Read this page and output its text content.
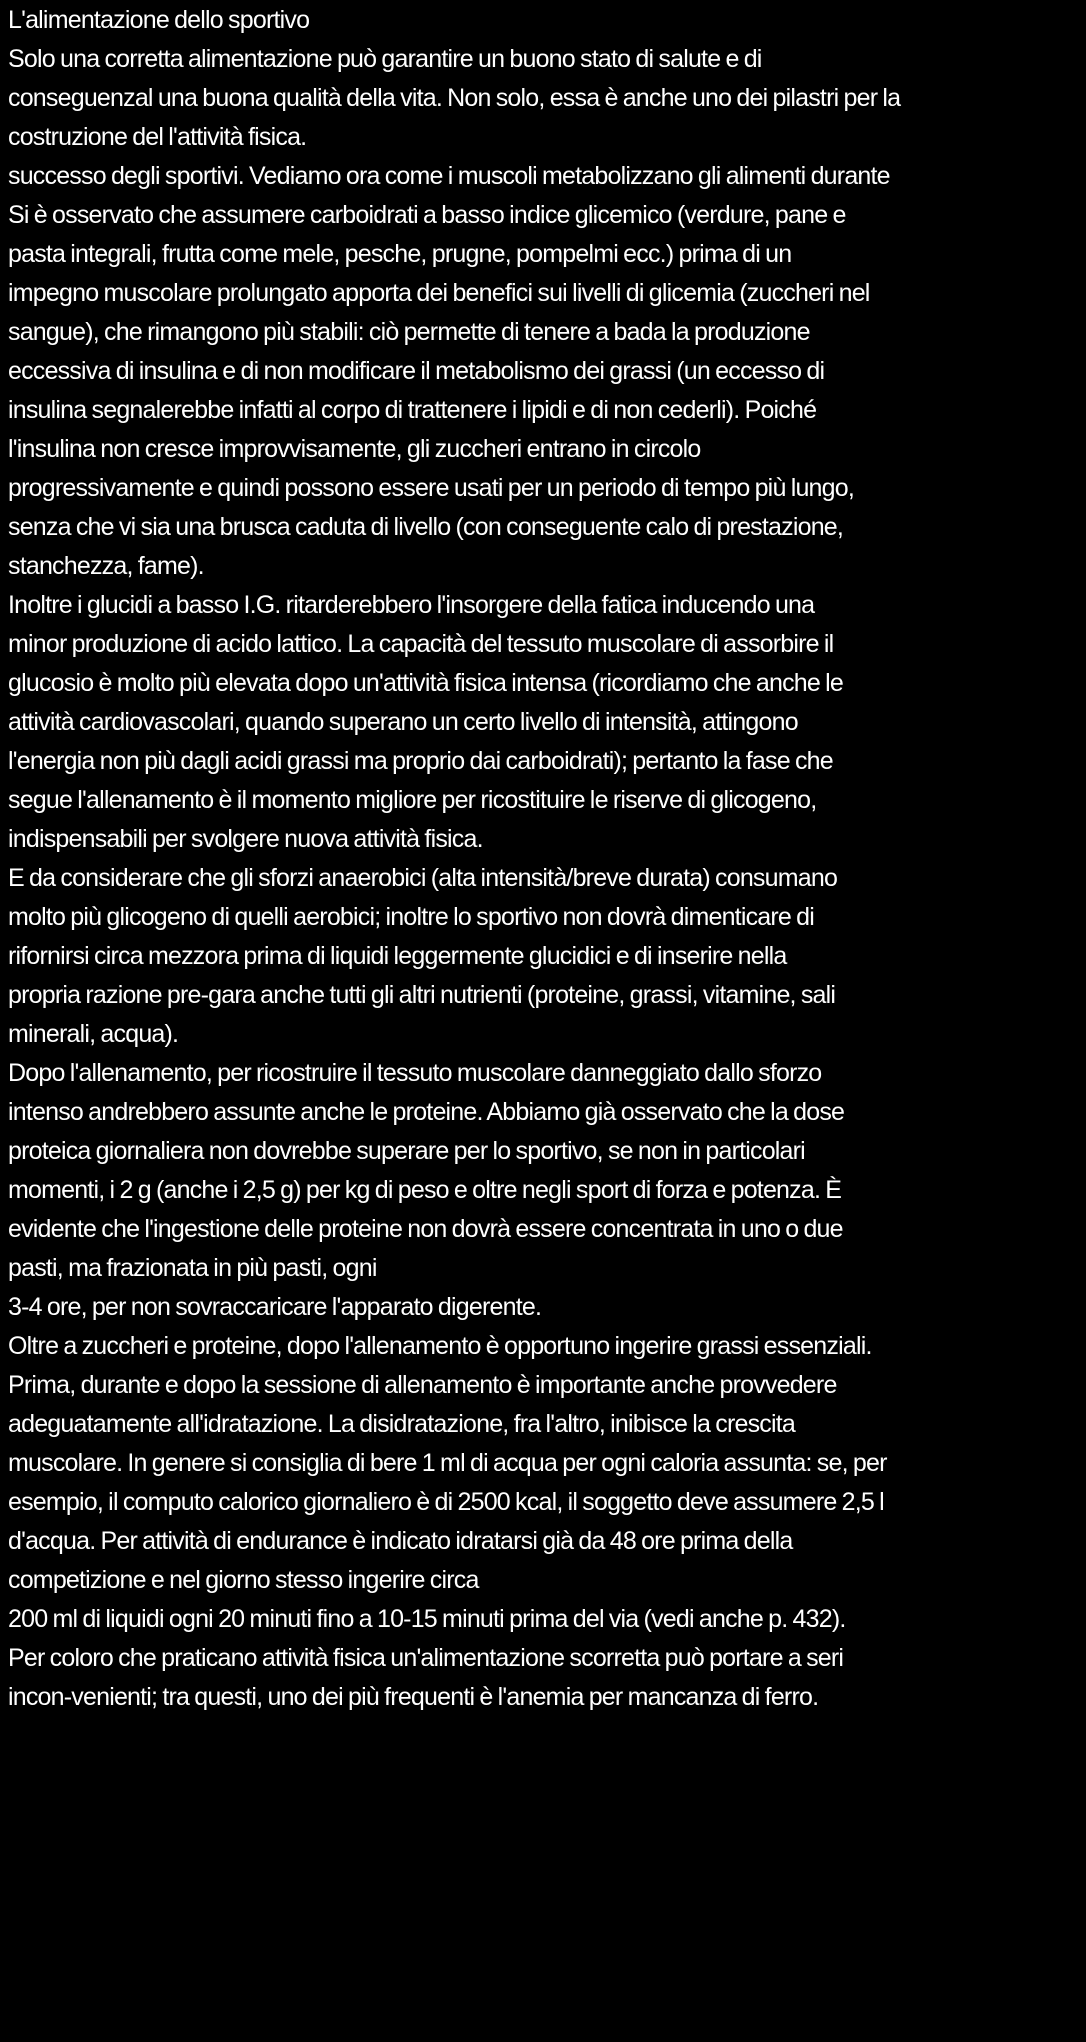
L'alimentazione dello sportivo
Solo una corretta alimentazione può garantire un buono stato di salute e di
conseguenzal una buona qualità della vita. Non solo, essa è anche uno dei pilastri per la
costruzione del l'attività fisica.
successo degli sportivi. Vediamo ora come i muscoli metabolizzano gli alimenti durante
Si è osservato che assumere carboidrati a basso indice glicemico (verdure, pane e
pasta integrali, frutta come mele, pesche, prugne, pompelmi ecc.) prima di un
impegno muscolare prolungato apporta dei benefici sui livelli di glicemia (zuccheri nel
sangue), che rimangono più stabili: ciò permette di tenere a bada la produzione
eccessiva di insulina e di non modificare il metabolismo dei grassi (un eccesso di
insulina segnalerebbe infatti al corpo di trattenere i lipidi e di non cederli). Poiché
l'insulina non cresce improvvisamente, gli zuccheri entrano in circolo
progressivamente e quindi possono essere usati per un periodo di tempo più lungo,
senza che vi sia una brusca caduta di livello (con conseguente calo di prestazione,
stanchezza, fame).
Inoltre i glucidi a basso I.G. ritarderebbero l'insorgere della fatica inducendo una
minor produzione di acido lattico. La capacità del tessuto muscolare di assorbire il
glucosio è molto più elevata dopo un'attività fisica intensa (ricordiamo che anche le
attività cardiovascolari, quando superano un certo livello di intensità, attingono
l'energia non più dagli acidi grassi ma proprio dai carboidrati); pertanto la fase che
segue l'allenamento è il momento migliore per ricostituire le riserve di glicogeno,
indispensabili per svolgere nuova attività fisica.
E da considerare che gli sforzi anaerobici (alta intensità/breve durata) consumano
molto più glicogeno di quelli aerobici; inoltre lo sportivo non dovrà dimenticare di
rifornirsi circa mezzora prima di liquidi leggermente glucidici e di inserire nella
propria razione pre-gara anche tutti gli altri nutrienti (proteine, grassi, vitamine, sali
minerali, acqua).
Dopo l'allenamento, per ricostruire il tessuto muscolare danneggiato dallo sforzo
intenso andrebbero assunte anche le proteine. Abbiamo già osservato che la dose
proteica giornaliera non dovrebbe superare per lo sportivo, se non in particolari
momenti, i 2 g (anche i 2,5 g) per kg di peso e oltre negli sport di forza e potenza. È
evidente che l'ingestione delle proteine non dovrà essere concentrata in uno o due
pasti, ma frazionata in più pasti, ogni
3-4 ore, per non sovraccaricare l'apparato digerente.
Oltre a zuccheri e proteine, dopo l'allenamento è opportuno ingerire grassi essenziali.
Prima, durante e dopo la sessione di allenamento è importante anche provvedere
adeguatamente all'idratazione. La disidratazione, fra l'altro, inibisce la crescita
muscolare. In genere si consiglia di bere 1 ml di acqua per ogni caloria assunta: se, per
esempio, il computo calorico giornaliero è di 2500 kcal, il soggetto deve assumere 2,5 l
d'acqua. Per attività di endurance è indicato idratarsi già da 48 ore prima della
competizione e nel giorno stesso ingerire circa
200 ml di liquidi ogni 20 minuti fino a 10-15 minuti prima del via (vedi anche p. 432).
Per coloro che praticano attività fisica un'alimentazione scorretta può portare a seri
incon-venienti; tra questi, uno dei più frequenti è l'anemia per mancanza di ferro.
